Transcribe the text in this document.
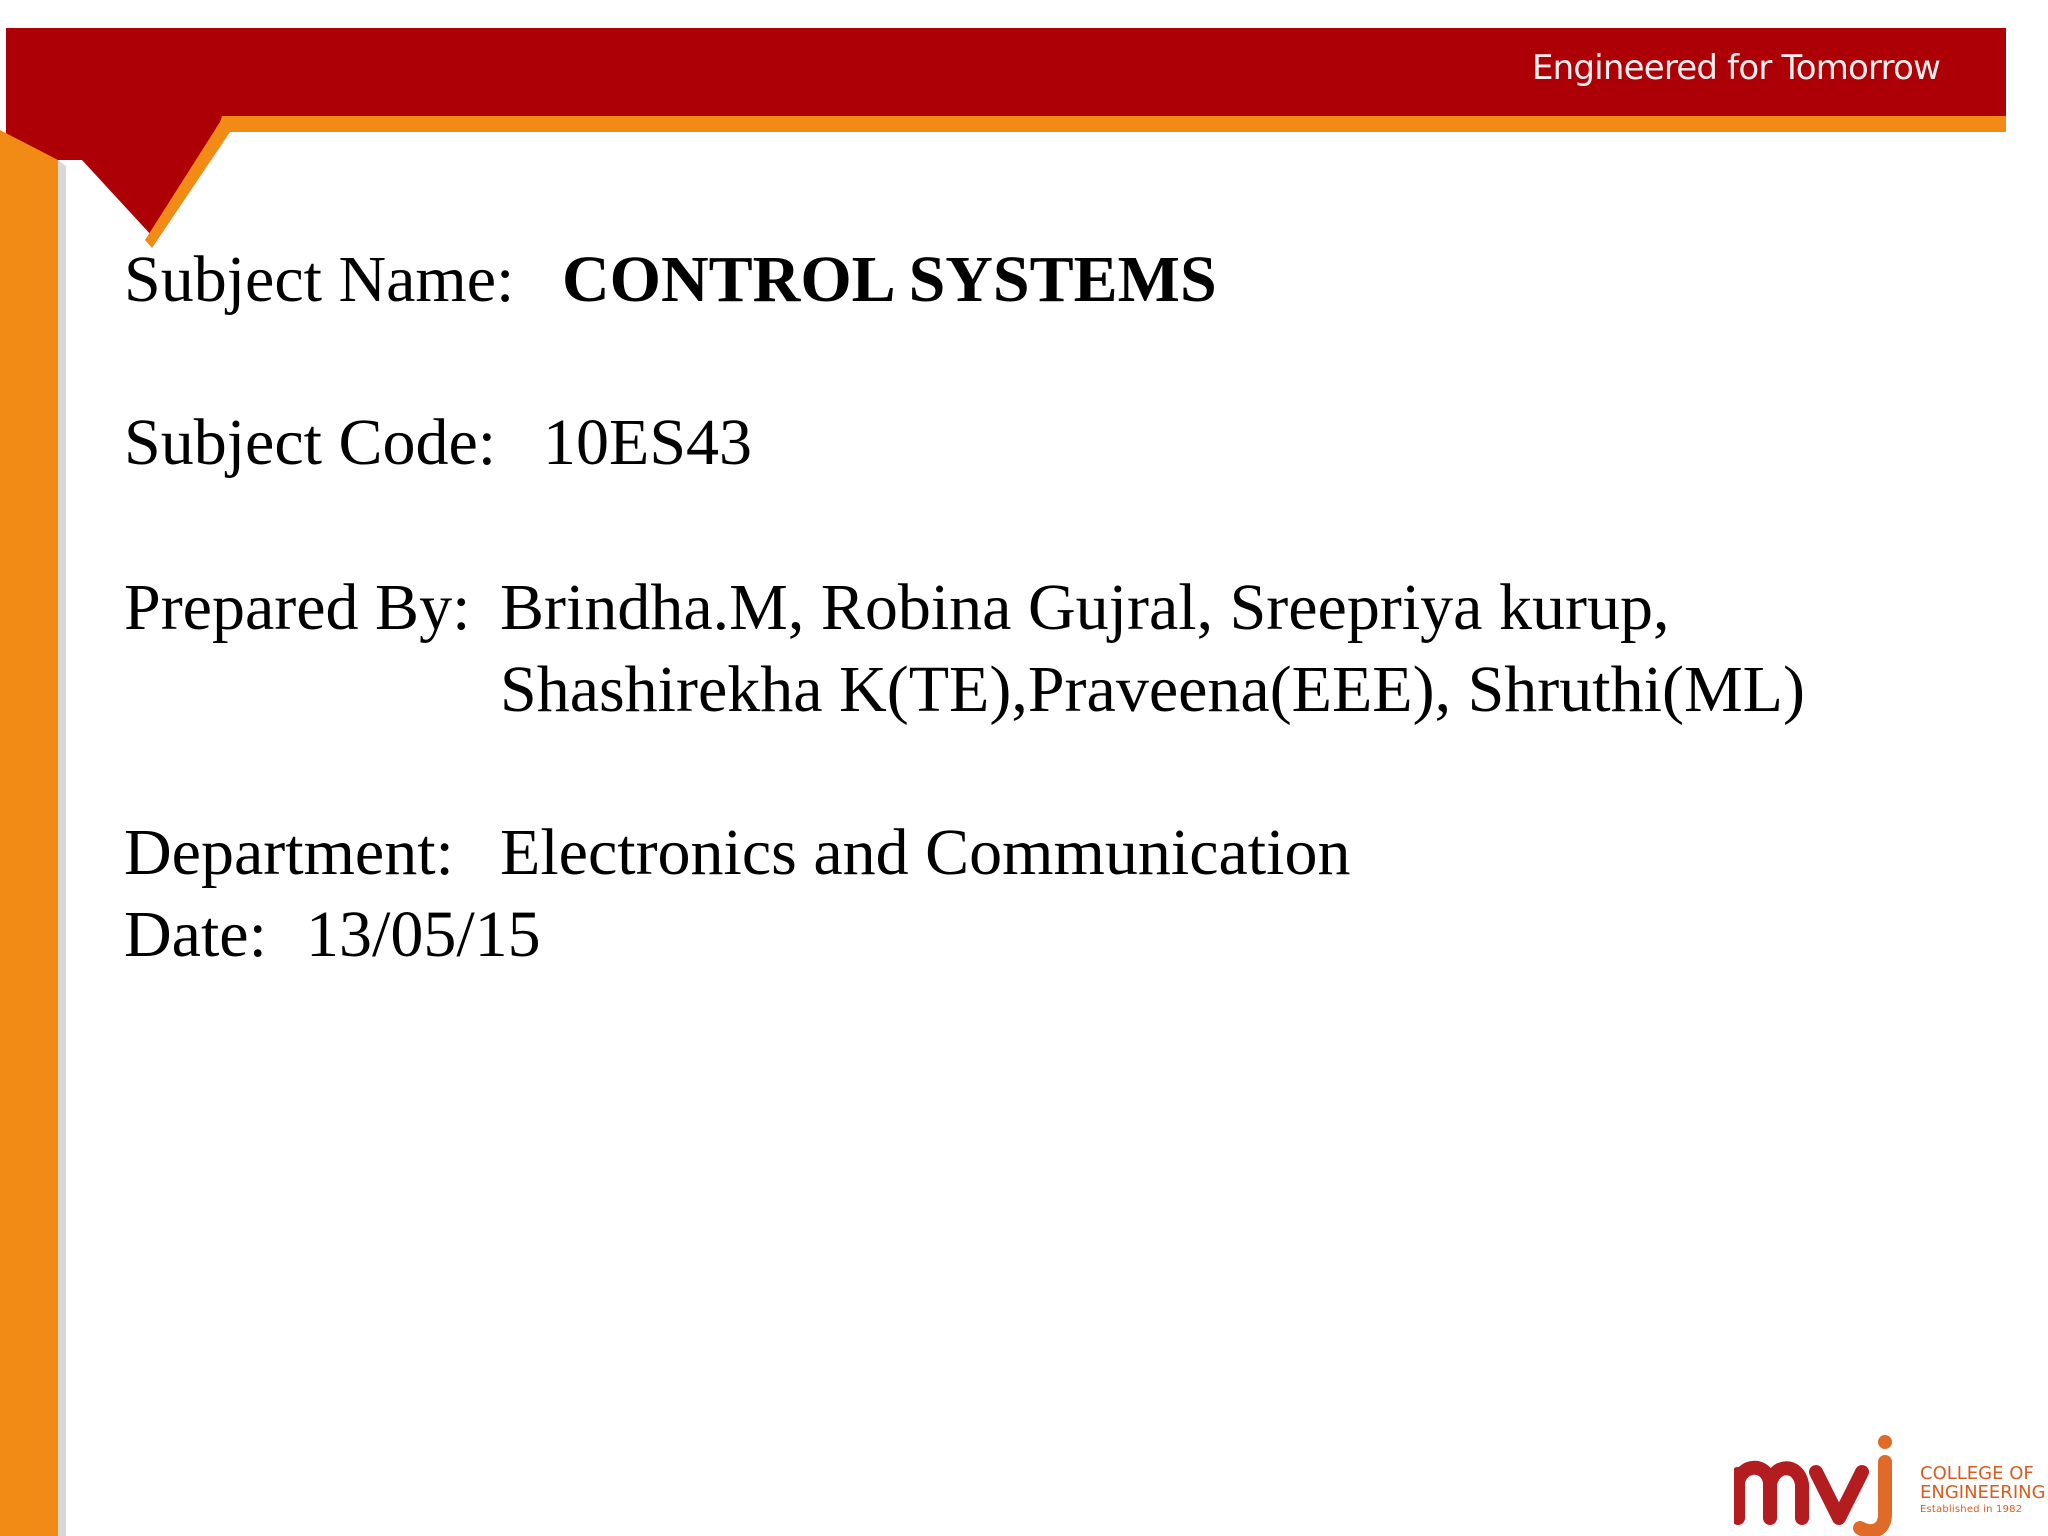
Engineered for Tomorrow
Subject Name: CONTROL SYSTEMS
Subject Code: 10ES43
Prepared By: Brindha.M, Robina Gujral, Sreepriya kurup,
Shashirekha K(TE),Praveena(EEE), Shruthi(ML)
Department: Electronics and Communication
Date: 13/05/15
COLLEGE OF
ENGINEERING
Established in 1982
